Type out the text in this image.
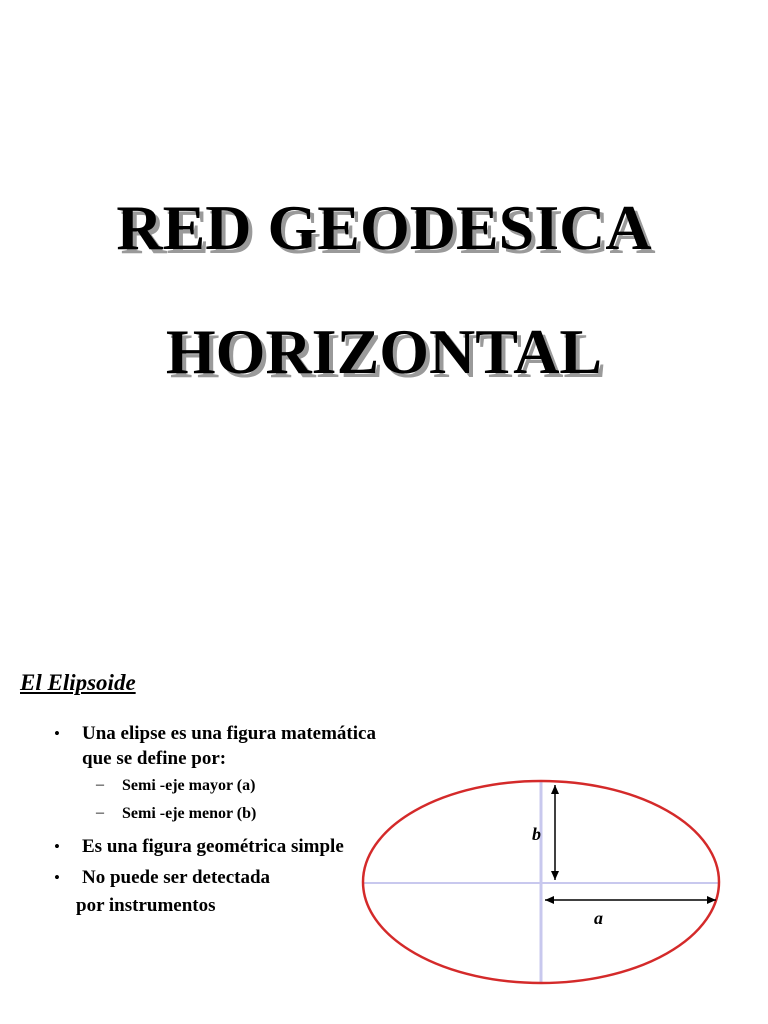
RED GEODESICA
HORIZONTAL
El Elipsoide
• Una elipse es una figura matemática que se define por:
– Semi -eje mayor (a)
– Semi -eje menor (b)
• Es una figura geométrica simple
• No puede ser detectada
por instrumentos
b
a
